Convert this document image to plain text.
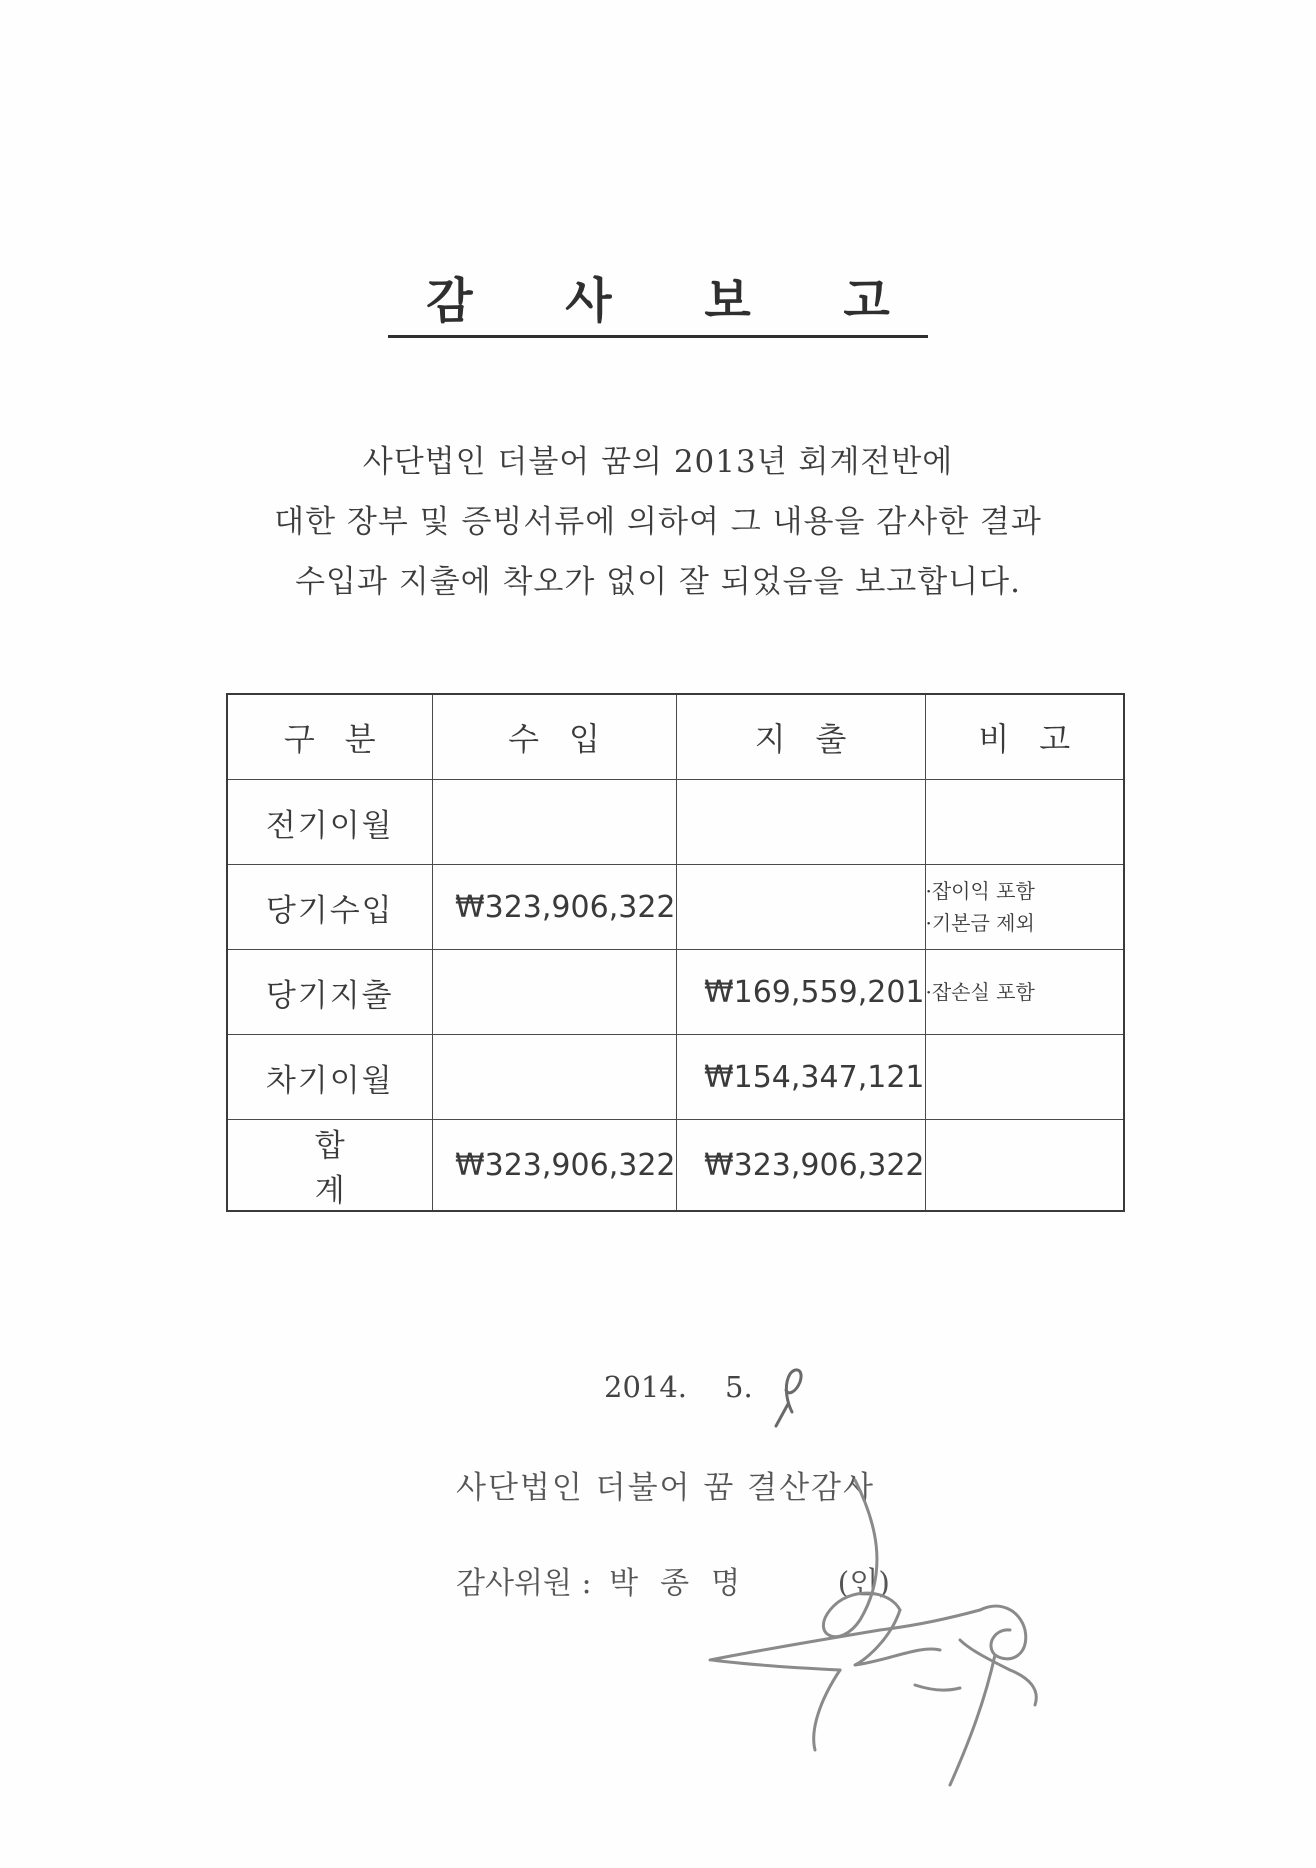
감 사 보 고
사단법인 더불어 꿈의 2013년 회계전반에
대한 장부 및 증빙서류에 의하여 그 내용을 감사한 결과
수입과 지출에 착오가 없이 잘 되었음을 보고합니다.
구분	수입	지출	비고
전기이월			
당기수입	₩323,906,322		·잡이익 포함
·기본금 제외

당기지출		₩169,559,201	·잡손실 포함

차기이월		₩154,347,121	
합계	₩323,906,322	₩323,906,322	
2014. 5.
사단법인 더불어 꿈 결산감사
감사위원 : 박종명	(인)
